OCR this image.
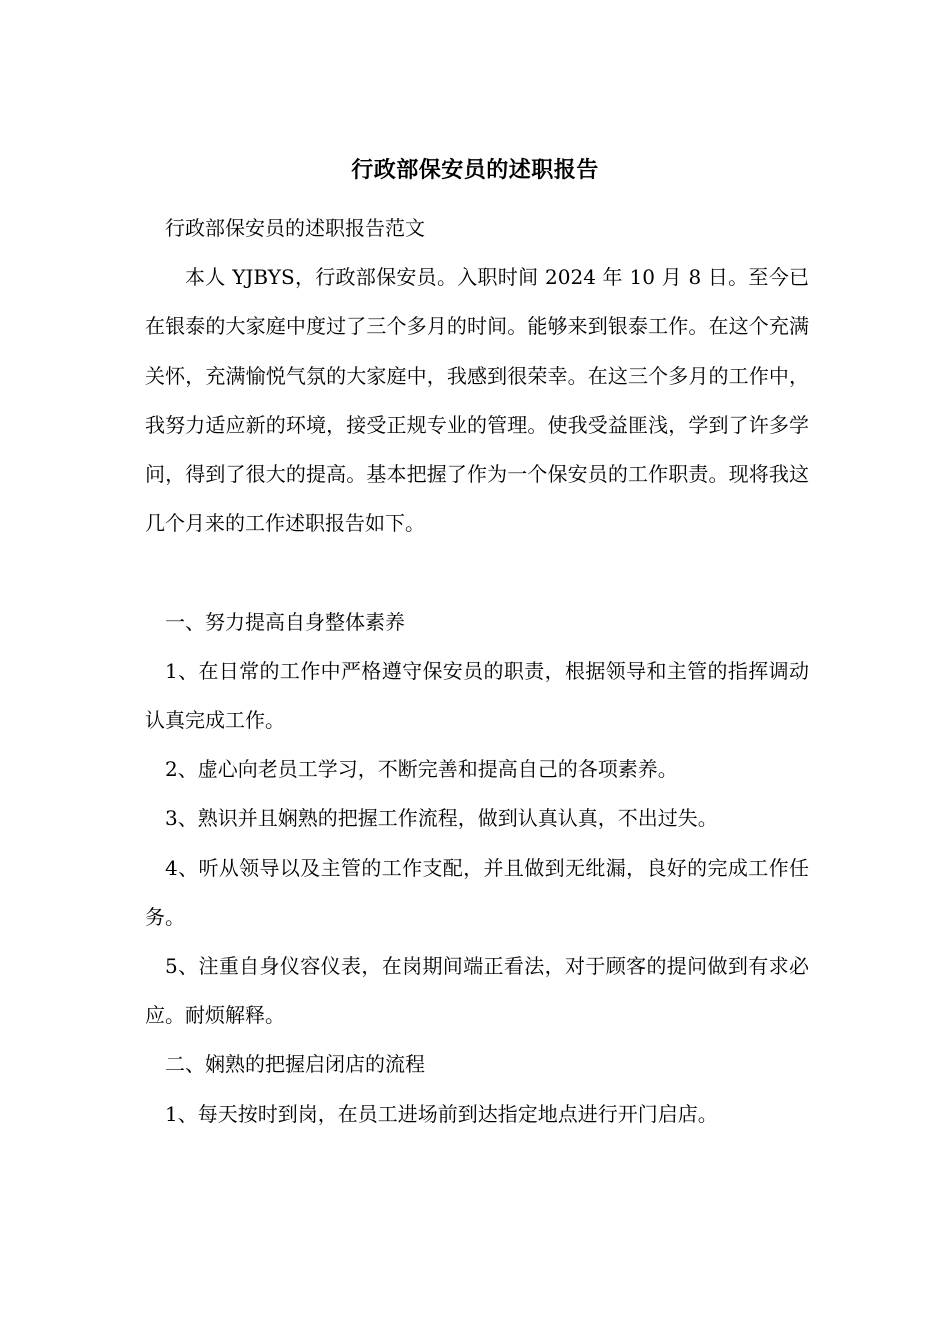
行政部保安员的述职报告

行政部保安员的述职报告范文

本人 YJBYS，行政部保安员。入职时间 2024 年 10 月 8 日。至今已在银泰的大家庭中度过了三个多月的时间。能够来到银泰工作。在这个充满关怀，充满愉悦气氛的大家庭中，我感到很荣幸。在这三个多月的工作中，我努力适应新的环境，接受正规专业的管理。使我受益匪浅，学到了许多学问，得到了很大的提高。基本把握了作为一个保安员的工作职责。现将我这几个月来的工作述职报告如下。

一、努力提高自身整体素养

1、在日常的工作中严格遵守保安员的职责，根据领导和主管的指挥调动认真完成工作。

2、虚心向老员工学习，不断完善和提高自己的各项素养。

3、熟识并且娴熟的把握工作流程，做到认真认真，不出过失。

4、听从领导以及主管的工作支配，并且做到无纰漏，良好的完成工作任务。

5、注重自身仪容仪表，在岗期间端正看法，对于顾客的提问做到有求必应。耐烦解释。

二、娴熟的把握启闭店的流程

1、每天按时到岗，在员工进场前到达指定地点进行开门启店。
